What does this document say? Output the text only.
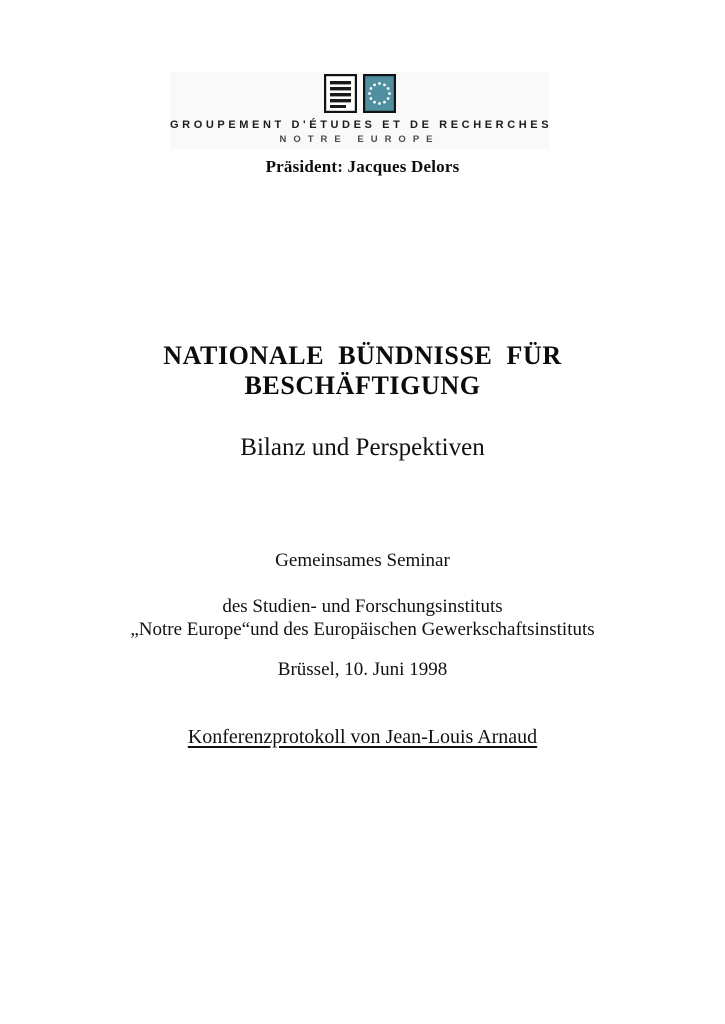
GROUPEMENT D'ÉTUDES ET DE RECHERCHES
NOTRE EUROPE
Präsident: Jacques Delors
NATIONALE BÜNDNISSE FÜR
BESCHÄFTIGUNG
Bilanz und Perspektiven
Gemeinsames Seminar
des Studien- und Forschungsinstituts
„Notre Europe“und des Europäischen Gewerkschaftsinstituts
Brüssel, 10. Juni 1998
Konferenzprotokoll von Jean-Louis Arnaud
